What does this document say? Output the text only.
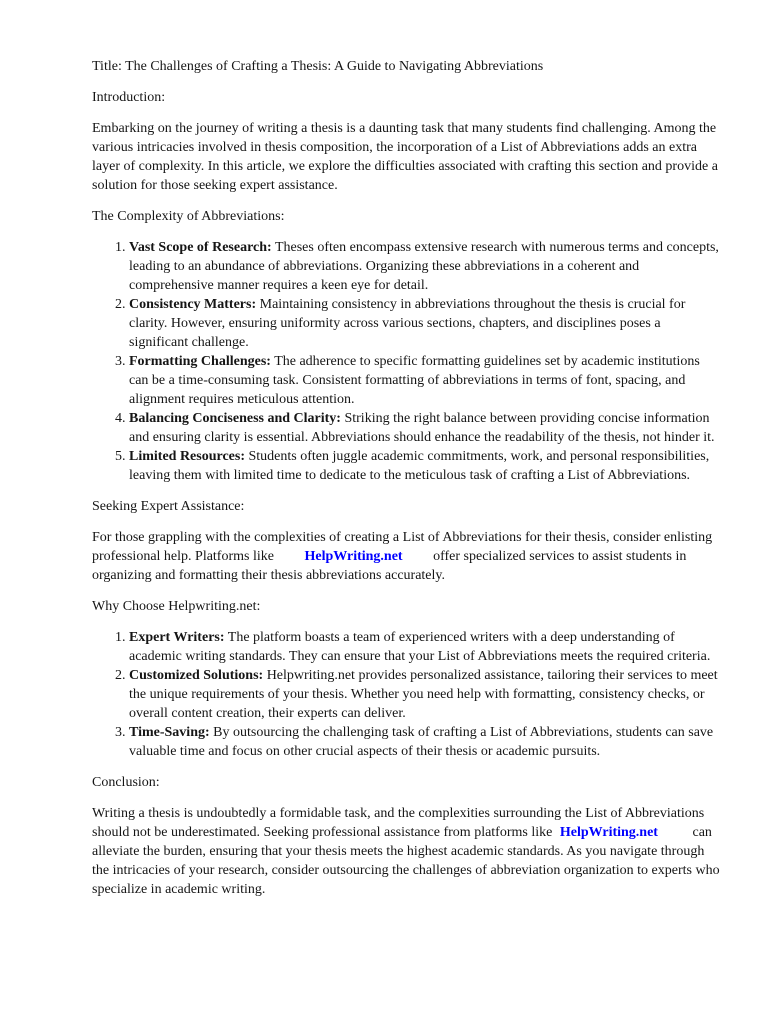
Title: The Challenges of Crafting a Thesis: A Guide to Navigating Abbreviations

Introduction:

Embarking on the journey of writing a thesis is a daunting task that many students find challenging. Among the various intricacies involved in thesis composition, the incorporation of a List of Abbreviations adds an extra layer of complexity. In this article, we explore the difficulties associated with crafting this section and provide a solution for those seeking expert assistance.

The Complexity of Abbreviations:

1. Vast Scope of Research: Theses often encompass extensive research with numerous terms and concepts, leading to an abundance of abbreviations. Organizing these abbreviations in a coherent and comprehensive manner requires a keen eye for detail.
2. Consistency Matters: Maintaining consistency in abbreviations throughout the thesis is crucial for clarity. However, ensuring uniformity across various sections, chapters, and disciplines poses a significant challenge.
3. Formatting Challenges: The adherence to specific formatting guidelines set by academic institutions can be a time-consuming task. Consistent formatting of abbreviations in terms of font, spacing, and alignment requires meticulous attention.
4. Balancing Conciseness and Clarity: Striking the right balance between providing concise information and ensuring clarity is essential. Abbreviations should enhance the readability of the thesis, not hinder it.
5. Limited Resources: Students often juggle academic commitments, work, and personal responsibilities, leaving them with limited time to dedicate to the meticulous task of crafting a List of Abbreviations.

Seeking Expert Assistance:

For those grappling with the complexities of creating a List of Abbreviations for their thesis, consider enlisting professional help. Platforms like HelpWriting.net offer specialized services to assist students in organizing and formatting their thesis abbreviations accurately.

Why Choose Helpwriting.net:

1. Expert Writers: The platform boasts a team of experienced writers with a deep understanding of academic writing standards. They can ensure that your List of Abbreviations meets the required criteria.
2. Customized Solutions: Helpwriting.net provides personalized assistance, tailoring their services to meet the unique requirements of your thesis. Whether you need help with formatting, consistency checks, or overall content creation, their experts can deliver.
3. Time-Saving: By outsourcing the challenging task of crafting a List of Abbreviations, students can save valuable time and focus on other crucial aspects of their thesis or academic pursuits.

Conclusion:

Writing a thesis is undoubtedly a formidable task, and the complexities surrounding the List of Abbreviations should not be underestimated. Seeking professional assistance from platforms like HelpWriting.net can alleviate the burden, ensuring that your thesis meets the highest academic standards. As you navigate through the intricacies of your research, consider outsourcing the challenges of abbreviation organization to experts who specialize in academic writing.
